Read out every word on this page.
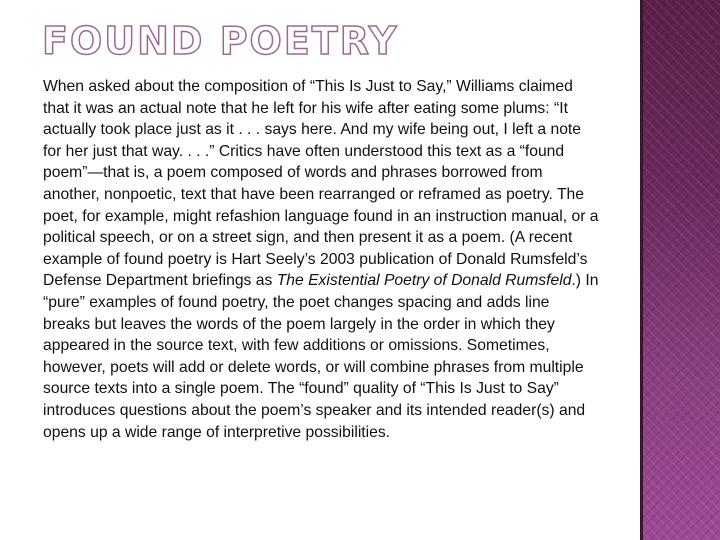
FOUND POETRY

When asked about the composition of “This Is Just to Say,” Williams claimed that it was an actual note that he left for his wife after eating some plums: “It actually took place just as it . . . says here. And my wife being out, I left a note for her just that way. . . .” Critics have often understood this text as a “found poem”—that is, a poem composed of words and phrases borrowed from another, nonpoetic, text that have been rearranged or reframed as poetry. The poet, for example, might refashion language found in an instruction manual, or a political speech, or on a street sign, and then present it as a poem. (A recent example of found poetry is Hart Seely’s 2003 publication of Donald Rumsfeld’s Defense Department briefings as The Existential Poetry of Donald Rumsfeld.) In “pure” examples of found poetry, the poet changes spacing and adds line breaks but leaves the words of the poem largely in the order in which they appeared in the source text, with few additions or omissions. Sometimes, however, poets will add or delete words, or will combine phrases from multiple source texts into a single poem. The “found” quality of “This Is Just to Say” introduces questions about the poem’s speaker and its intended reader(s) and opens up a wide range of interpretive possibilities.
